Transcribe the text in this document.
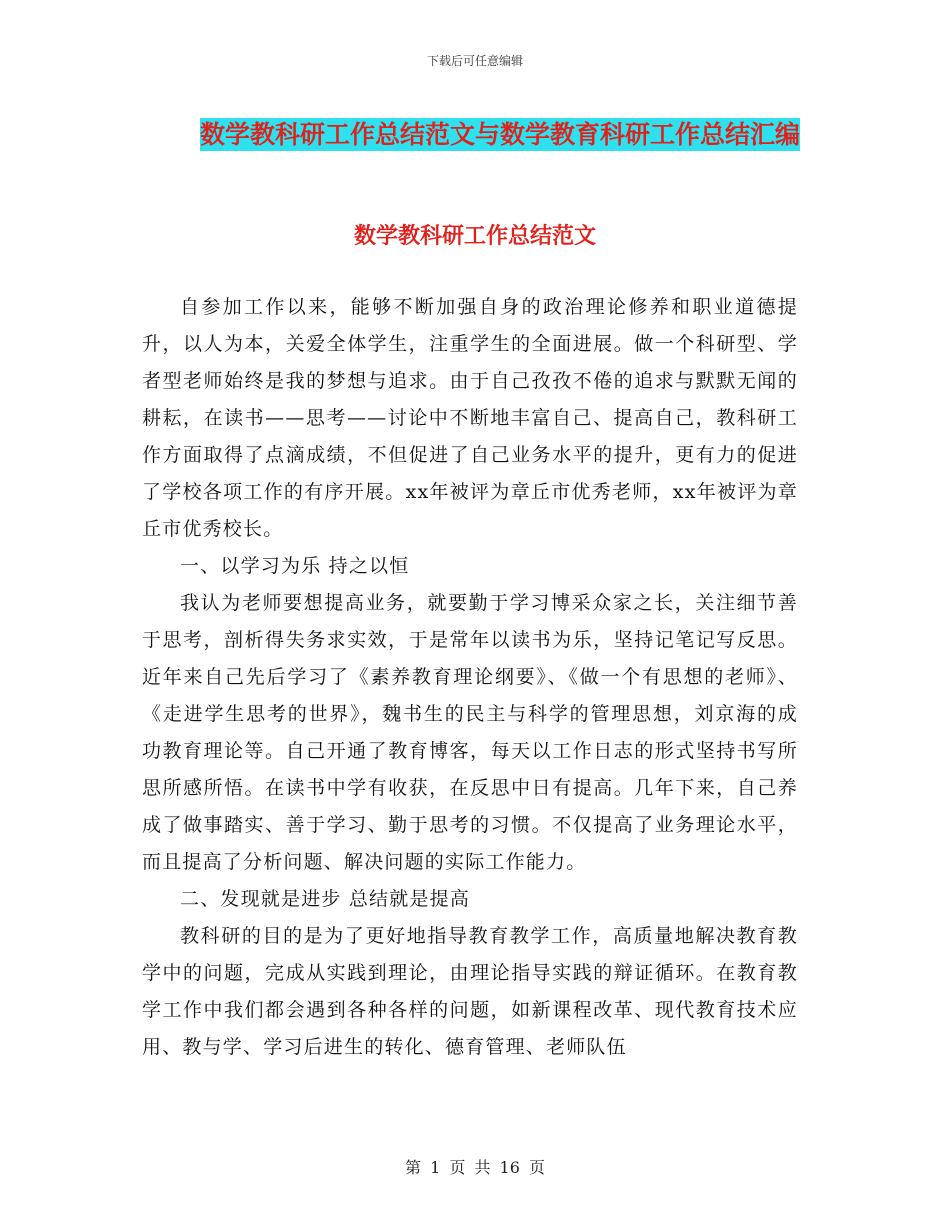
下载后可任意编辑
数学教科研工作总结范文与数学教育科研工作总结汇编
数学教科研工作总结范文

自参加工作以来，能够不断加强自身的政治理论修养和职业道德提升，以人为本，关爱全体学生，注重学生的全面进展。做一个科研型、学者型老师始终是我的梦想与追求。由于自己孜孜不倦的追求与默默无闻的耕耘，在读书——思考——讨论中不断地丰富自己、提高自己，教科研工作方面取得了点滴成绩，不但促进了自己业务水平的提升，更有力的促进了学校各项工作的有序开展。xx年被评为章丘市优秀老师，xx年被评为章丘市优秀校长。

一、以学习为乐 持之以恒

我认为老师要想提高业务，就要勤于学习博采众家之长，关注细节善于思考，剖析得失务求实效，于是常年以读书为乐，坚持记笔记写反思。近年来自己先后学习了《素养教育理论纲要》、《做一个有思想的老师》、《走进学生思考的世界》，魏书生的民主与科学的管理思想，刘京海的成功教育理论等。自己开通了教育博客，每天以工作日志的形式坚持书写所思所感所悟。在读书中学有收获，在反思中日有提高。几年下来，自己养成了做事踏实、善于学习、勤于思考的习惯。不仅提高了业务理论水平，而且提高了分析问题、解决问题的实际工作能力。

二、发现就是进步 总结就是提高

教科研的目的是为了更好地指导教育教学工作，高质量地解决教育教学中的问题，完成从实践到理论，由理论指导实践的辩证循环。在教育教学工作中我们都会遇到各种各样的问题，如新课程改革、现代教育技术应用、教与学、学习后进生的转化、德育管理、老师队伍

第 1 页 共 16 页
